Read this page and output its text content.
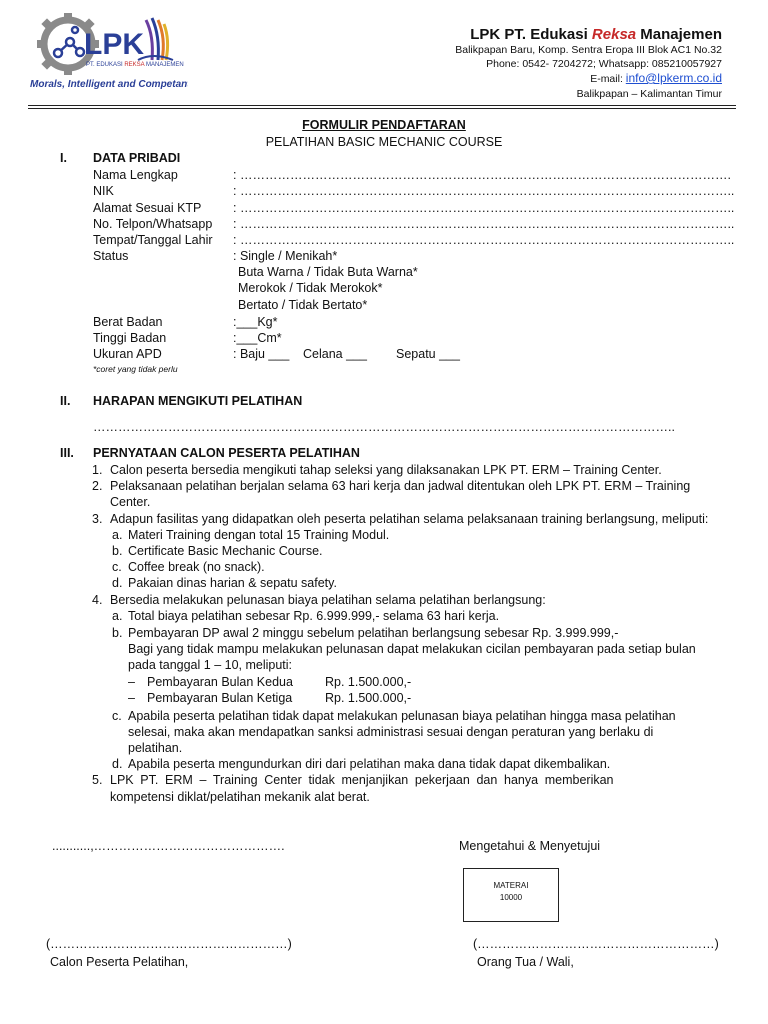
LPK
PT. EDUKASI REKSA MANAJEMEN
Morals, Intelligent and Competant
LPK PT. Edukasi Reksa Manajemen
Balikpapan Baru, Komp. Sentra Eropa III Blok AC1 No.32
Phone: 0542- 7204272; Whatsapp: 085210057927
E-mail: info@lpkerm.co.id
Balikpapan – Kalimantan Timur
FORMULIR PENDAFTARAN
PELATIHAN BASIC MECHANIC COURSE
I. DATA PRIBADI
Nama Lengkap	: ……………………………………………………………………………………………………….
NIK	: ………………………………………………………………………………………………………..
Alamat Sesuai KTP	: ………………………………………………………………………………………………………..
No. Telpon/Whatsapp : ………………………………………………………………………………………………………..
Tempat/Tanggal Lahir : ………………………………………………………………………………………………………..
Status	: Single / Menikah*
Buta Warna / Tidak Buta Warna*
Merokok / Tidak Merokok*
Bertato / Tidak Bertato*
Berat Badan	:___Kg*
Tinggi Badan	:___Cm*
Ukuran APD	: Baju ___ Celana ___ Sepatu ___
*coret yang tidak perlu
II. HARAPAN MENGIKUTI PELATIHAN
…………………………………………………………………………………………………………………………..
III. PERNYATAAN CALON PESERTA PELATIHAN
1. Calon peserta bersedia mengikuti tahap seleksi yang dilaksanakan LPK PT. ERM – Training Center.
2. Pelaksanaan pelatihan berjalan selama 63 hari kerja dan jadwal ditentukan oleh LPK PT. ERM – Training
Center.
3. Adapun fasilitas yang didapatkan oleh peserta pelatihan selama pelaksanaan training berlangsung, meliputi:
a. Materi Training dengan total 15 Training Modul.
b. Certificate Basic Mechanic Course.
c. Coffee break (no snack).
d. Pakaian dinas harian & sepatu safety.
4. Bersedia melakukan pelunasan biaya pelatihan selama pelatihan berlangsung:
a. Total biaya pelatihan sebesar Rp. 6.999.999,- selama 63 hari kerja.
b. Pembayaran DP awal 2 minggu sebelum pelatihan berlangsung sebesar Rp. 3.999.999,-
Bagi yang tidak mampu melakukan pelunasan dapat melakukan cicilan pembayaran pada setiap bulan
pada tanggal 1 – 10, meliputi:
– Pembayaran Bulan Kedua	Rp. 1.500.000,-
– Pembayaran Bulan Ketiga	Rp. 1.500.000,-
c. Apabila peserta pelatihan tidak dapat melakukan pelunasan biaya pelatihan hingga masa pelatihan
selesai, maka akan mendapatkan sanksi administrasi sesuai dengan peraturan yang berlaku di
pelatihan.
d. Apabila peserta mengundurkan diri dari pelatihan maka dana tidak dapat dikembalikan.
5. LPK PT. ERM – Training Center tidak menjanjikan pekerjaan dan hanya memberikan
kompetensi diklat/pelatihan mekanik alat berat.
...........,……………………………………….	Mengetahui & Menyetujui
MATERAI
10000
(…………………………………………………)	(…………………………………………………)
Calon Peserta Pelatihan,	Orang Tua / Wali,
